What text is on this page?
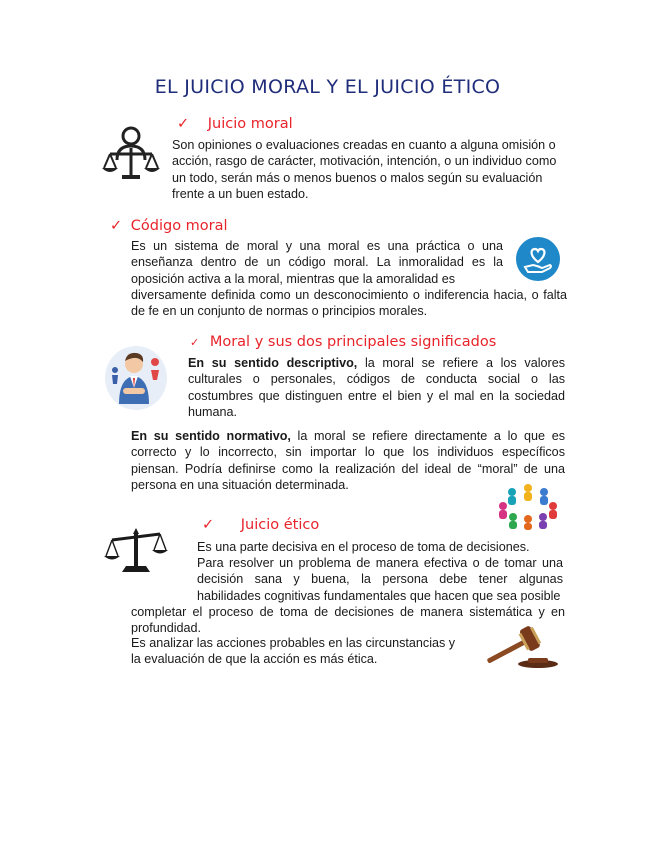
EL JUICIO MORAL Y EL JUICIO ÉTICO
✓ Juicio moral
Son opiniones o evaluaciones creadas en cuanto a alguna omisión o acción, rasgo de carácter, motivación, intención, o un individuo como un todo, serán más o menos buenos o malos según su evaluación frente a un buen estado.
✓ Código moral
Es un sistema de moral y una moral es una práctica o una enseñanza dentro de un código moral. La inmoralidad es la oposición activa a la moral, mientras que la amoralidad es
diversamente definida como un desconocimiento o indiferencia hacia, o falta de fe en un conjunto de normas o principios morales.
✓ Moral y sus dos principales significados
En su sentido descriptivo, la moral se refiere a los valores culturales o personales, códigos de conducta social o las costumbres que distinguen entre el bien y el mal en la sociedad humana.
En su sentido normativo, la moral se refiere directamente a lo que es correcto y lo incorrecto, sin importar lo que los individuos específicos piensan. Podría definirse como la realización del ideal de “moral” de una persona en una situación determinada.
✓ Juicio ético
Es una parte decisiva en el proceso de toma de decisiones.
Para resolver un problema de manera efectiva o de tomar una decisión sana y buena, la persona debe tener algunas habilidades cognitivas fundamentales que hacen que sea posible
completar el proceso de toma de decisiones de manera sistemática y en profundidad.
Es analizar las acciones probables en las circunstancias y
la evaluación de que la acción es más ética.
